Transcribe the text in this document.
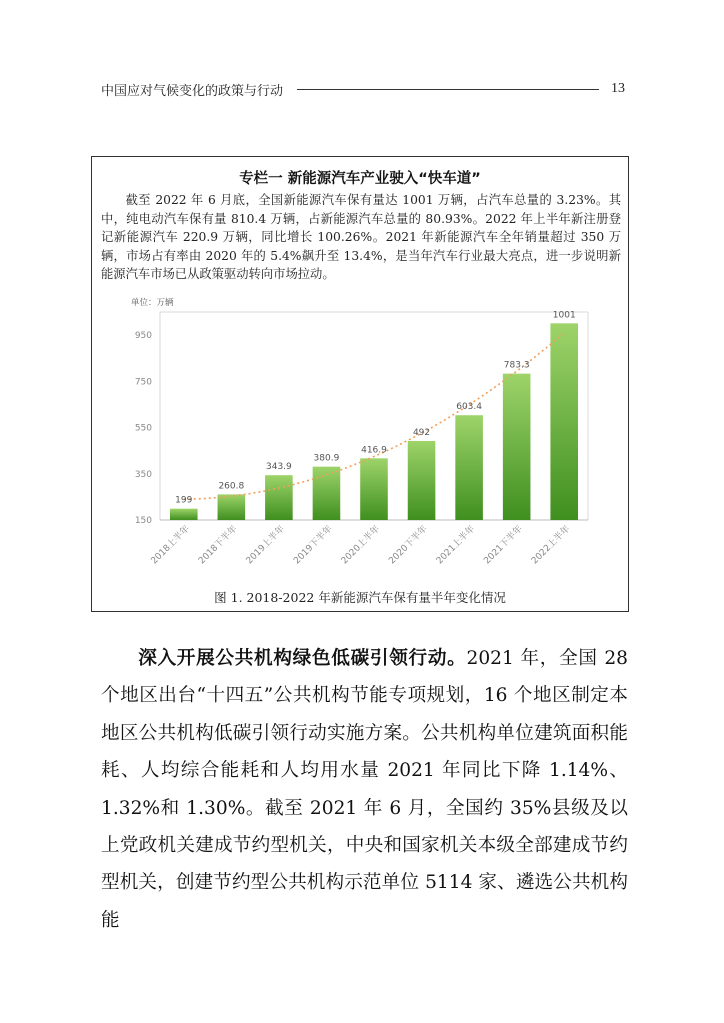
中国应对气候变化的政策与行动	13
专栏一 新能源汽车产业驶入“快车道”
截至 2022 年 6 月底，全国新能源汽车保有量达 1001 万辆，占汽车总量的 3.23%。其中，纯电动汽车保有量 810.4 万辆，占新能源汽车总量的 80.93%。2022 年上半年新注册登记新能源汽车 220.9 万辆，同比增长 100.26%。2021 年新能源汽车全年销量超过 350 万辆，市场占有率由 2020 年的 5.4%飙升至 13.4%，是当年汽车行业最大亮点，进一步说明新能源汽车市场已从政策驱动转向市场拉动。
单位：万辆
150
350
550
750
950
199
260.8
343.9
380.9
416.9
492
603.4
783.3
1001
2018上半年 2018下半年 2019上半年 2019下半年 2020上半年 2020下半年 2021上半年 2021下半年 2022上半年
图 1. 2018-2022 年新能源汽车保有量半年变化情况
深入开展公共机构绿色低碳引领行动。2021 年，全国 28 个地区出台“十四五”公共机构节能专项规划，16 个地区制定本地区公共机构低碳引领行动实施方案。公共机构单位建筑面积能耗、人均综合能耗和人均用水量 2021 年同比下降 1.14%、1.32%和 1.30%。截至 2021 年 6 月，全国约 35%县级及以上党政机关建成节约型机关，中央和国家机关本级全部建成节约型机关，创建节约型公共机构示范单位 5114 家、遴选公共机构能
